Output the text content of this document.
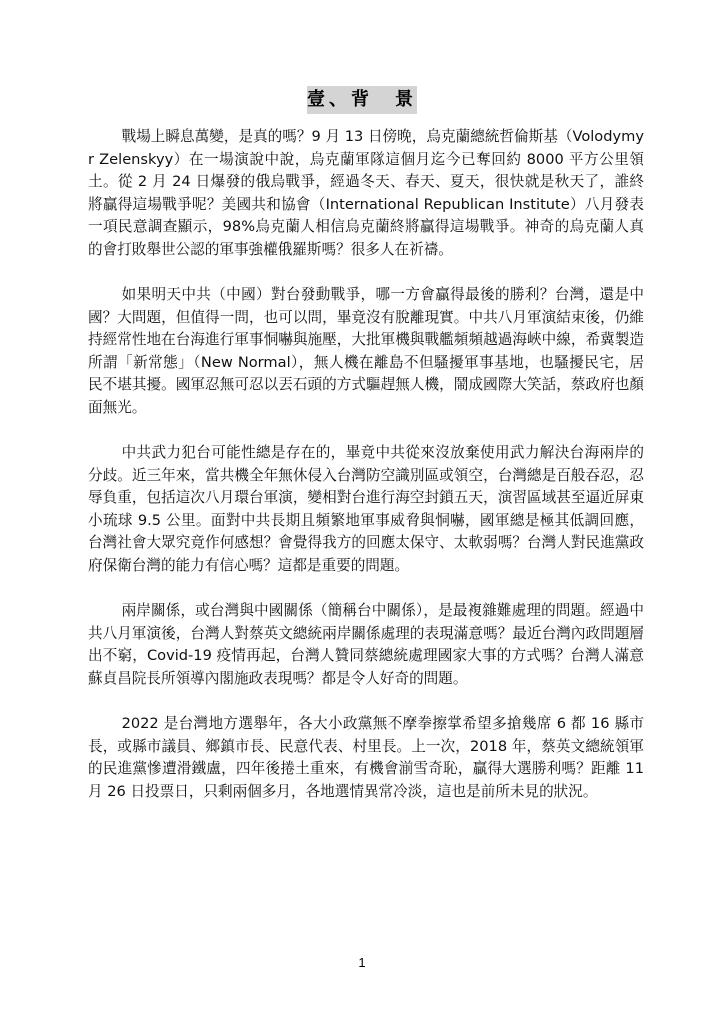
壹、背　景

戰場上瞬息萬變，是真的嗎？9 月 13 日傍晚，烏克蘭總統哲倫斯基（Volodymyr Zelenskyy）在一場演說中說，烏克蘭軍隊這個月迄今已奪回約 8000 平方公里領土。從 2 月 24 日爆發的俄烏戰爭，經過冬天、春天、夏天，很快就是秋天了，誰終將贏得這場戰爭呢？美國共和協會（International Republican Institute）八月發表一項民意調查顯示，98%烏克蘭人相信烏克蘭終將贏得這場戰爭。神奇的烏克蘭人真的會打敗舉世公認的軍事強權俄羅斯嗎？很多人在祈禱。

如果明天中共（中國）對台發動戰爭，哪一方會贏得最後的勝利？台灣，還是中國？大問題，但值得一問，也可以問，畢竟沒有脫離現實。中共八月軍演結束後，仍維持經常性地在台海進行軍事恫嚇與施壓，大批軍機與戰艦頻頻越過海峽中線，希冀製造所謂「新常態」（New Normal），無人機在離島不但騷擾軍事基地，也騷擾民宅，居民不堪其擾。國軍忍無可忍以丟石頭的方式驅趕無人機，鬧成國際大笑話，蔡政府也顏面無光。

中共武力犯台可能性總是存在的，畢竟中共從來沒放棄使用武力解決台海兩岸的分歧。近三年來，當共機全年無休侵入台灣防空識別區或領空，台灣總是百般吞忍，忍辱負重，包括這次八月環台軍演，變相對台進行海空封鎖五天，演習區域甚至逼近屏東小琉球 9.5 公里。面對中共長期且頻繁地軍事威脅與恫嚇，國軍總是極其低調回應，台灣社會大眾究竟作何感想？會覺得我方的回應太保守、太軟弱嗎？台灣人對民進黨政府保衛台灣的能力有信心嗎？這都是重要的問題。

兩岸關係，或台灣與中國關係（簡稱台中關係），是最複雜難處理的問題。經過中共八月軍演後，台灣人對蔡英文總統兩岸關係處理的表現滿意嗎？最近台灣內政問題層出不窮，Covid-19 疫情再起，台灣人贊同蔡總統處理國家大事的方式嗎？台灣人滿意蘇貞昌院長所領導內閣施政表現嗎？都是令人好奇的問題。

2022 是台灣地方選舉年，各大小政黨無不摩拳擦掌希望多搶幾席 6 都 16 縣市長，或縣市議員、鄉鎮市長、民意代表、村里長。上一次，2018 年，蔡英文總統領軍的民進黨慘遭滑鐵盧，四年後捲土重來，有機會湔雪奇恥，贏得大選勝利嗎？距離 11 月 26 日投票日，只剩兩個多月，各地選情異常冷淡，這也是前所未見的狀況。

1
